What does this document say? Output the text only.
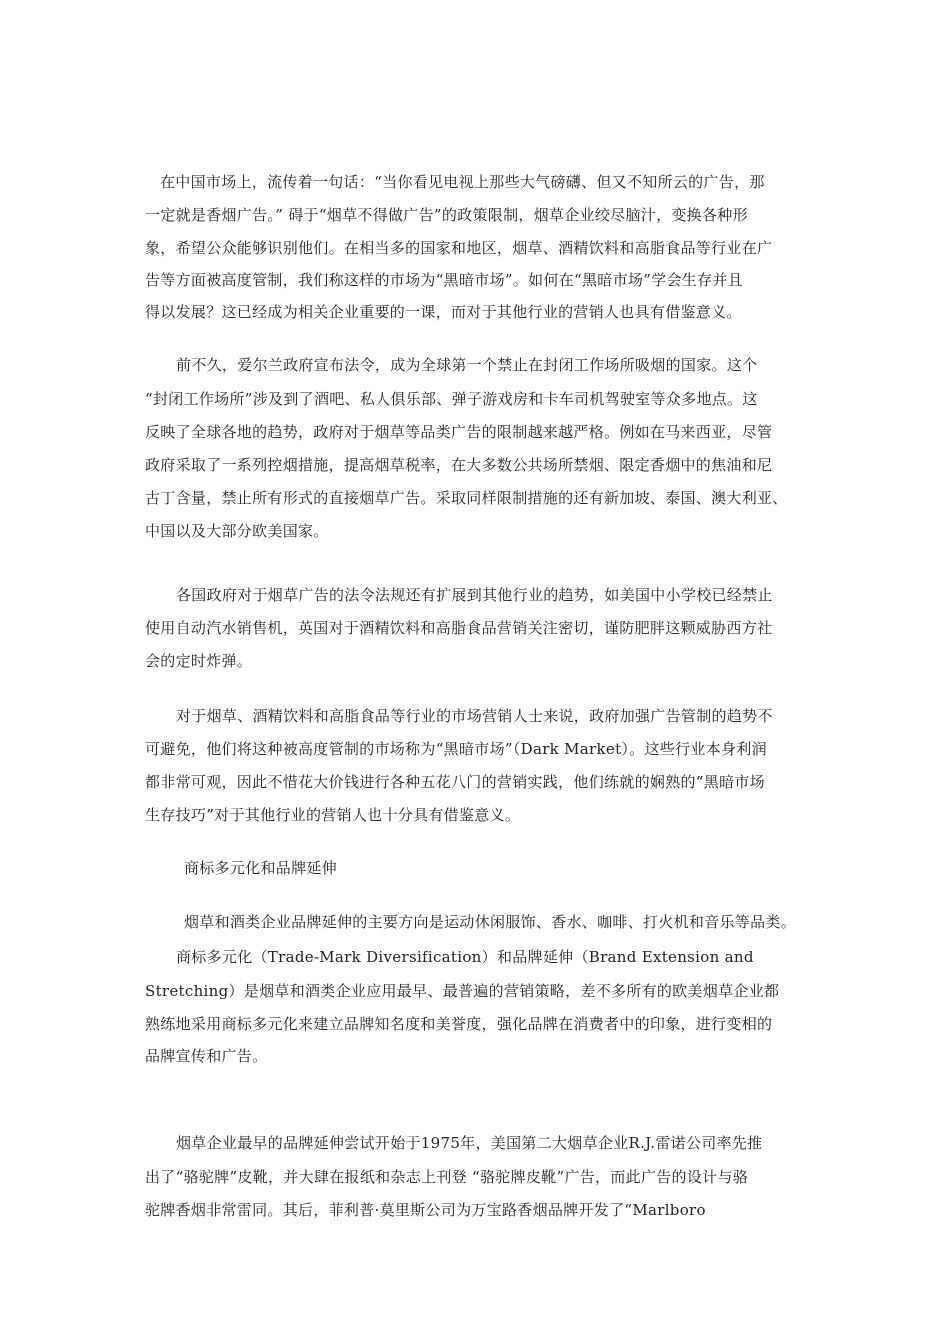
在中国市场上，流传着一句话：“当你看见电视上那些大气磅礴、但又不知所云的广告，那
一定就是香烟广告。” 碍于“烟草不得做广告”的政策限制，烟草企业绞尽脑汁，变换各种形
象，希望公众能够识别他们。在相当多的国家和地区，烟草、酒精饮料和高脂食品等行业在广
告等方面被高度管制，我们称这样的市场为“黑暗市场”。如何在“黑暗市场”学会生存并且
得以发展？这已经成为相关企业重要的一课，而对于其他行业的营销人也具有借鉴意义。
前不久，爱尔兰政府宣布法令，成为全球第一个禁止在封闭工作场所吸烟的国家。这个
“封闭工作场所”涉及到了酒吧、私人俱乐部、弹子游戏房和卡车司机驾驶室等众多地点。这
反映了全球各地的趋势，政府对于烟草等品类广告的限制越来越严格。例如在马来西亚，尽管
政府采取了一系列控烟措施，提高烟草税率，在大多数公共场所禁烟、限定香烟中的焦油和尼
古丁含量，禁止所有形式的直接烟草广告。采取同样限制措施的还有新加坡、泰国、澳大利亚、
中国以及大部分欧美国家。
各国政府对于烟草广告的法令法规还有扩展到其他行业的趋势，如美国中小学校已经禁止
使用自动汽水销售机，英国对于酒精饮料和高脂食品营销关注密切，谨防肥胖这颗威胁西方社
会的定时炸弹。
对于烟草、酒精饮料和高脂食品等行业的市场营销人士来说，政府加强广告管制的趋势不
可避免，他们将这种被高度管制的市场称为“黑暗市场”（Dark Market）。这些行业本身利润
都非常可观，因此不惜花大价钱进行各种五花八门的营销实践，他们练就的娴熟的“黑暗市场
生存技巧”对于其他行业的营销人也十分具有借鉴意义。
商标多元化和品牌延伸
烟草和酒类企业品牌延伸的主要方向是运动休闲服饰、香水、咖啡、打火机和音乐等品类。
商标多元化（Trade-Mark Diversification）和品牌延伸（Brand Extension and
Stretching）是烟草和酒类企业应用最早、最普遍的营销策略，差不多所有的欧美烟草企业都
熟练地采用商标多元化来建立品牌知名度和美誉度，强化品牌在消费者中的印象，进行变相的
品牌宣传和广告。
烟草企业最早的品牌延伸尝试开始于1975年，美国第二大烟草企业R.J.雷诺公司率先推
出了“骆驼牌”皮靴，并大肆在报纸和杂志上刊登 “骆驼牌皮靴”广告，而此广告的设计与骆
驼牌香烟非常雷同。其后，菲利普·莫里斯公司为万宝路香烟品牌开发了“Marlboro
